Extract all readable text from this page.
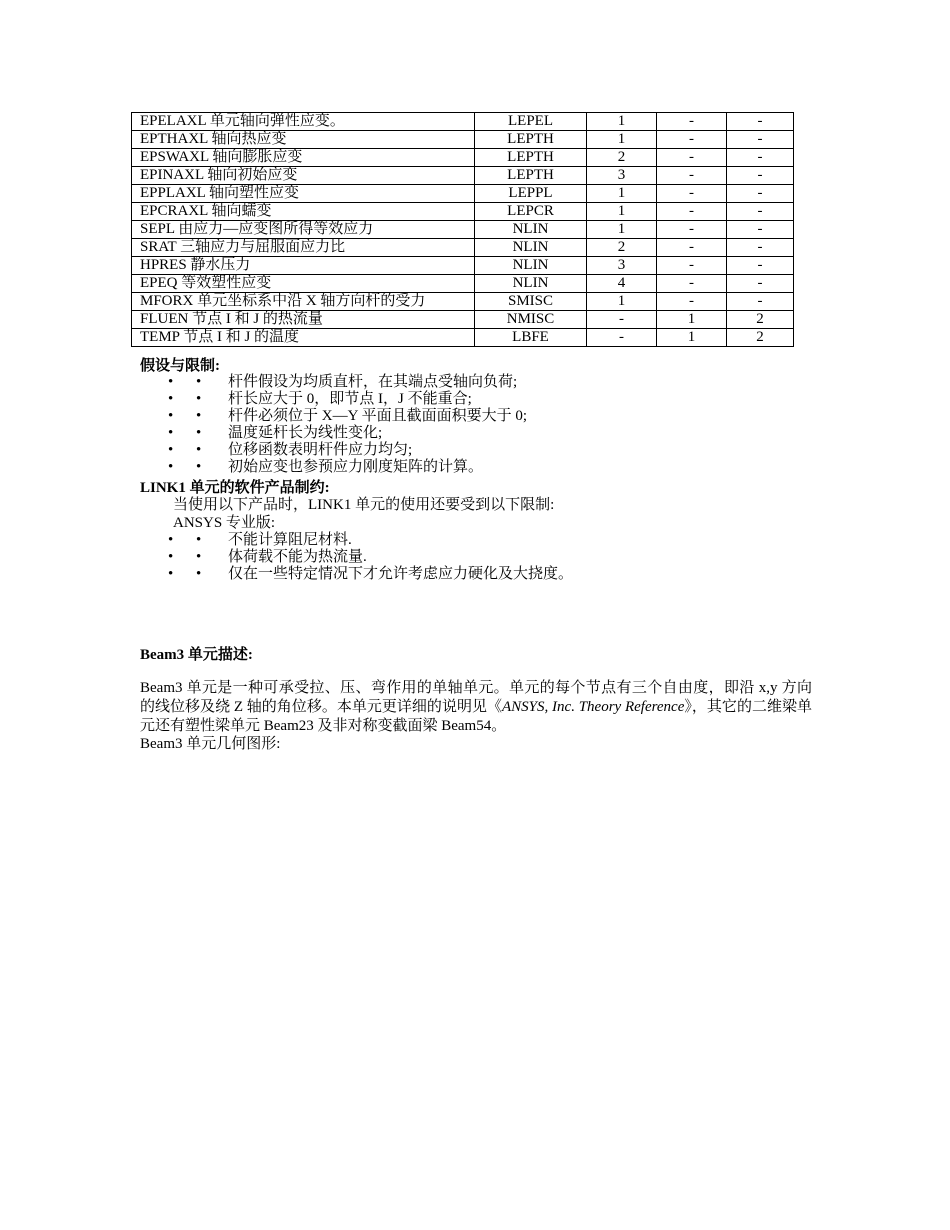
EPELAXL 单元轴向弹性应变。	LEPEL	1	-	-
EPTHAXL 轴向热应变	LEPTH	1	-	-
EPSWAXL 轴向膨胀应变	LEPTH	2	-	-
EPINAXL 轴向初始应变	LEPTH	3	-	-
EPPLAXL 轴向塑性应变	LEPPL	1	-	-
EPCRAXL 轴向蠕变	LEPCR	1	-	-
SEPL 由应力—应变图所得等效应力	NLIN	1	-	-
SRAT 三轴应力与屈服面应力比	NLIN	2	-	-
HPRES 静水压力	NLIN	3	-	-
EPEQ 等效塑性应变	NLIN	4	-	-
MFORX 单元坐标系中沿 X 轴方向杆的受力	SMISC	1	-	-
FLUEN 节点 I 和 J 的热流量	NMISC	-	1	2
TEMP 节点 I 和 J 的温度	LBFE	-	1	2
假设与限制:
• • 杆件假设为均质直杆，在其端点受轴向负荷;
• • 杆长应大于 0，即节点 I，J 不能重合;
• • 杆件必须位于 X—Y 平面且截面面积要大于 0;
• • 温度延杆长为线性变化;
• • 位移函数表明杆件应力均匀;
• • 初始应变也参预应力刚度矩阵的计算。
LINK1 单元的软件产品制约:
当使用以下产品时，LINK1 单元的使用还要受到以下限制:
ANSYS 专业版:
• • 不能计算阻尼材料.
• • 体荷载不能为热流量.
• • 仅在一些特定情况下才允许考虑应力硬化及大挠度。
Beam3 单元描述:

Beam3 单元是一种可承受拉、压、弯作用的单轴单元。单元的每个节点有三个自由度，即沿 x,y 方向的线位移及绕 Z 轴的角位移。本单元更详细的说明见《ANSYS, Inc. Theory Reference》，其它的二维梁单元还有塑性梁单元 Beam23 及非对称变截面梁 Beam54。

Beam3 单元几何图形:
